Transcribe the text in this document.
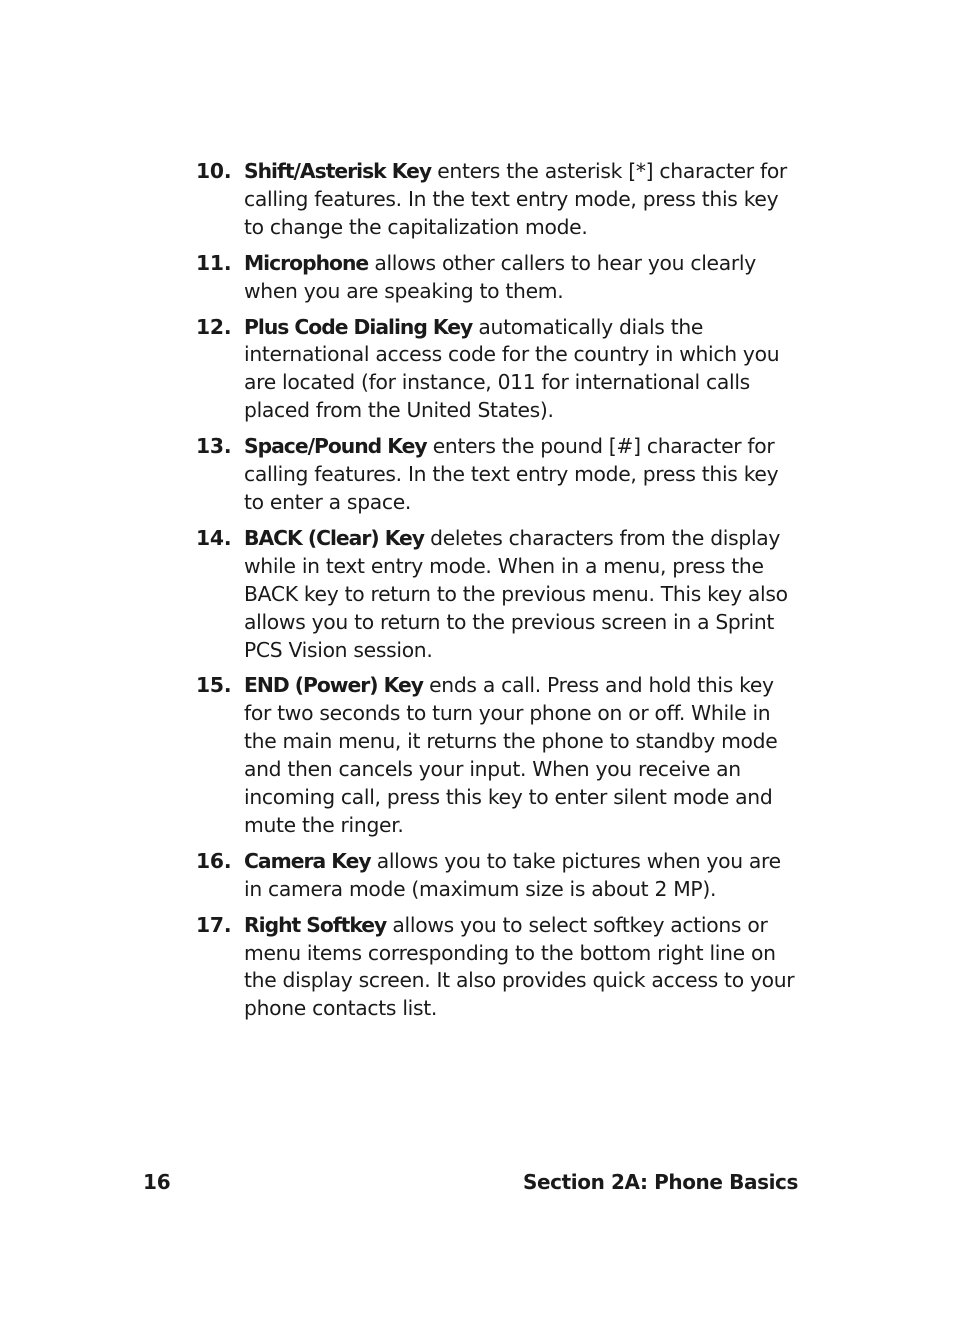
10. Shift/Asterisk Key enters the asterisk [*] character for calling features. In the text entry mode, press this key to change the capitalization mode.
11. Microphone allows other callers to hear you clearly when you are speaking to them.
12. Plus Code Dialing Key automatically dials the international access code for the country in which you are located (for instance, 011 for international calls placed from the United States).
13. Space/Pound Key enters the pound [#] character for calling features. In the text entry mode, press this key to enter a space.
14. BACK (Clear) Key deletes characters from the display while in text entry mode. When in a menu, press the BACK key to return to the previous menu. This key also allows you to return to the previous screen in a Sprint PCS Vision session.
15. END (Power) Key ends a call. Press and hold this key for two seconds to turn your phone on or off. While in the main menu, it returns the phone to standby mode and then cancels your input. When you receive an incoming call, press this key to enter silent mode and mute the ringer.
16. Camera Key allows you to take pictures when you are in camera mode (maximum size is about 2 MP).
17. Right Softkey allows you to select softkey actions or menu items corresponding to the bottom right line on the display screen. It also provides quick access to your phone contacts list.
16	Section 2A: Phone Basics
